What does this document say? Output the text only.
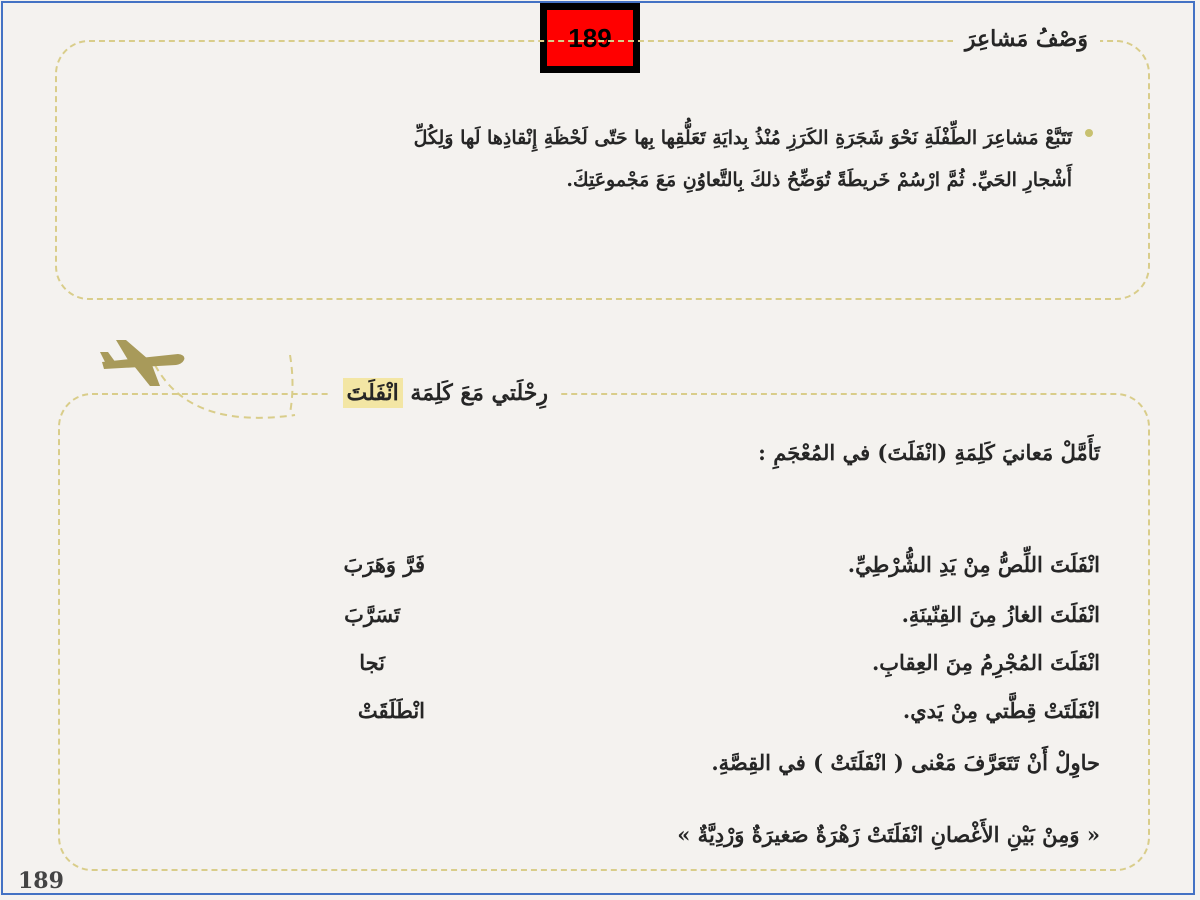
189	وَصْفُ مَشاعِرَ
تَتَبَّعْ مَشاعِرَ الطِّفْلَةِ نَحْوَ شَجَرَةِ الكَرَزِ مُنْذُ بِدايَةِ تَعَلُّقِها بِها حَتّى لَحْظَةِ إِنْقاذِها لَها وَلِكُلِّ
أَشْجارِ الحَيِّ. ثُمَّ ارْسُمْ خَريطَةً تُوَضِّحُ ذلكَ بِالتَّعاوُنِ مَعَ مَجْموعَتِكَ.
رِحْلَتي مَعَ كَلِمَة انْفَلَتَ
تَأَمَّلْ مَعانيَ كَلِمَةِ (انْفَلَتَ) في المُعْجَمِ :
انْفَلَتَ اللِّصُّ مِنْ يَدِ الشُّرْطِيِّ.
فَرَّ وَهَرَبَ
انْفَلَتَ الغازُ مِنَ القِنّينَةِ.
تَسَرَّبَ
انْفَلَتَ المُجْرِمُ مِنَ العِقابِ.
نَجا
انْفَلَتَتْ قِطَّتي مِنْ يَدي.
انْطَلَقَتْ
حاوِلْ أَنْ تَتَعَرَّفَ مَعْنى ( انْفَلَتَتْ ) في القِصَّةِ.
« وَمِنْ بَيْنِ الأَغْصانِ انْفَلَتَتْ زَهْرَةٌ صَغيرَةٌ وَرْدِيَّةٌ »
189
